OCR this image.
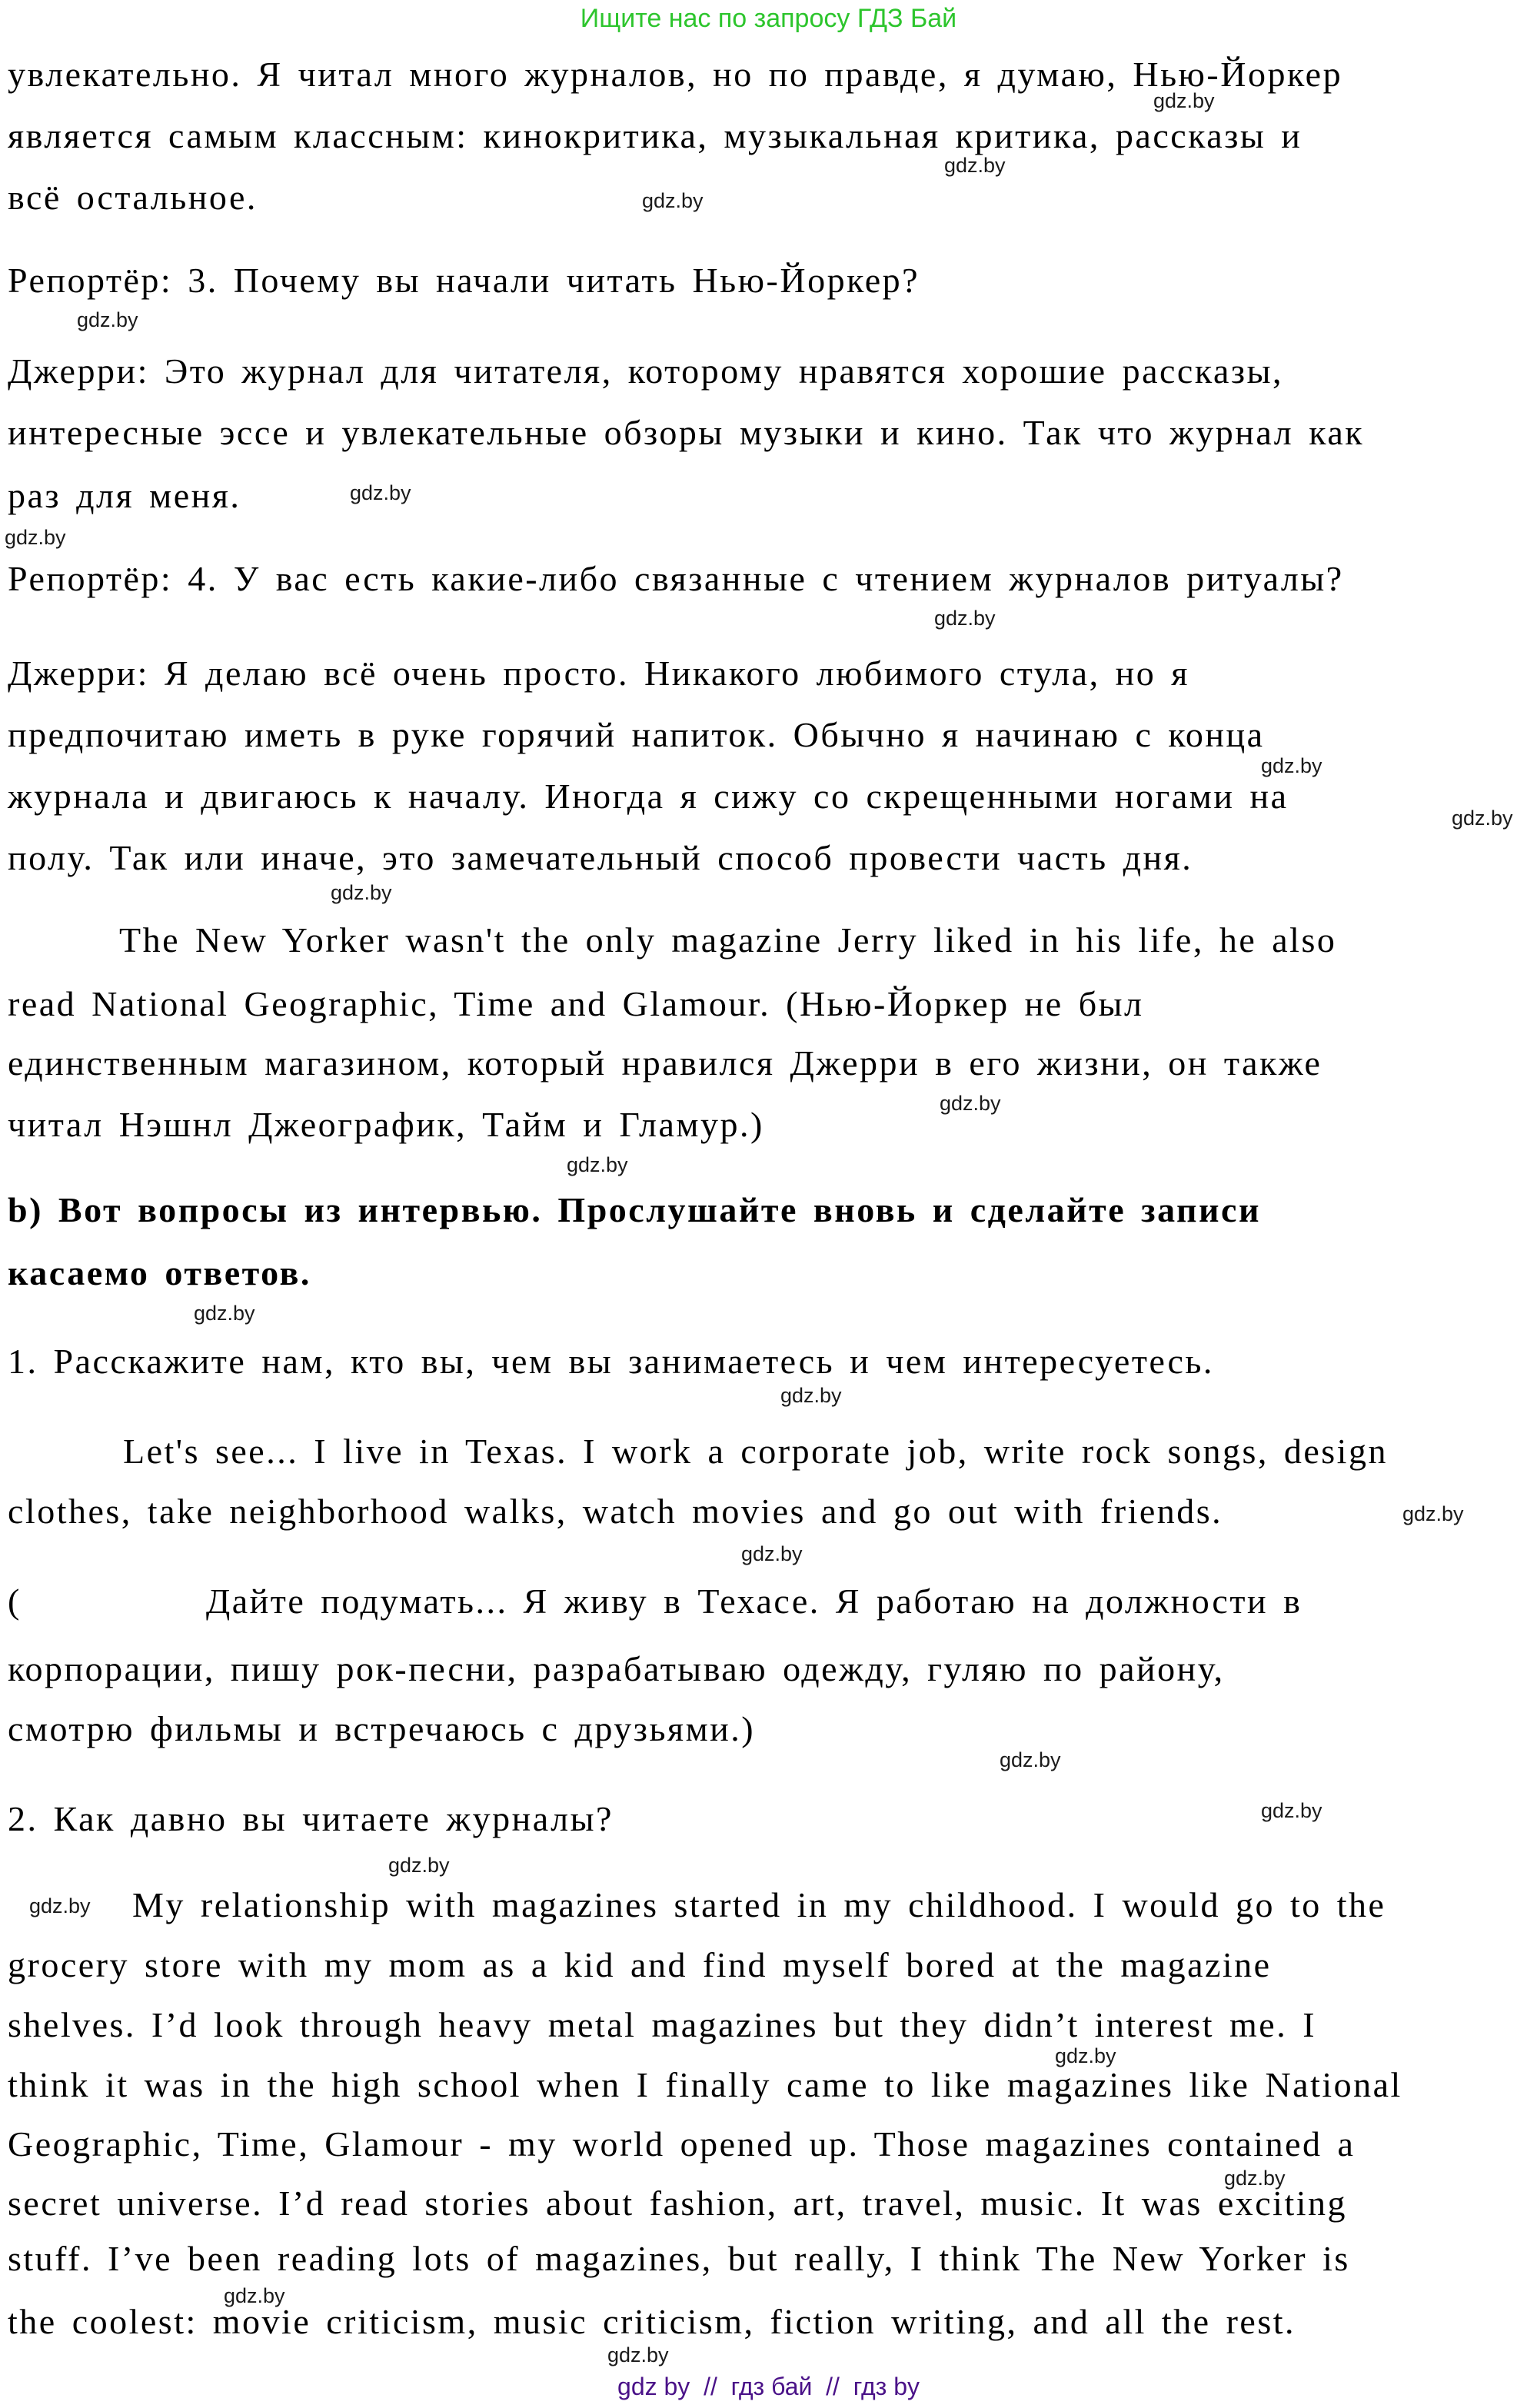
Ищите нас по запросу ГДЗ Бай
gdz by  //  гдз бай  //  гдз by
увлекательно. Я читал много журналов, но по правде, я думаю, Нью-Йоркер
является самым классным: кинокритика, музыкальная критика, рассказы и
всё остальное.
Репортёр: 3. Почему вы начали читать Нью-Йоркер?
Джерри: Это журнал для читателя, которому нравятся хорошие рассказы,
интересные эссе и увлекательные обзоры музыки и кино. Так что журнал как
раз для меня.
Репортёр: 4. У вас есть какие-либо связанные с чтением журналов ритуалы?
Джерри: Я делаю всё очень просто. Никакого любимого стула, но я
предпочитаю иметь в руке горячий напиток. Обычно я начинаю с конца
журнала и двигаюсь к началу. Иногда я сижу со скрещенными ногами на
полу. Так или иначе, это замечательный способ провести часть дня.
The New Yorker wasn't the only magazine Jerry liked in his life, he also
read National Geographic, Time and Glamour. (Нью-Йоркер не был
единственным магазином, который нравился Джерри в его жизни, он также
читал Нэшнл Джеографик, Тайм и Гламур.)
b) Вот вопросы из интервью. Прослушайте вновь и сделайте записи
касаемо ответов.
1. Расскажите нам, кто вы, чем вы занимаетесь и чем интересуетесь.
Let's see... I live in Texas. I work a corporate job, write rock songs, design
clothes, take neighborhood walks, watch movies and go out with friends.
(            Дайте подумать... Я живу в Техасе. Я работаю на должности в
корпорации, пишу рок-песни, разрабатываю одежду, гуляю по району,
смотрю фильмы и встречаюсь с друзьями.)
2. Как давно вы читаете журналы?
My relationship with magazines started in my childhood. I would go to the
grocery store with my mom as a kid and find myself bored at the magazine
shelves. I’d look through heavy metal magazines but they didn’t interest me. I
think it was in the high school when I finally came to like magazines like National
Geographic, Time, Glamour - my world opened up. Those magazines contained a
secret universe. I’d read stories about fashion, art, travel, music. It was exciting
stuff. I’ve been reading lots of magazines, but really, I think The New Yorker is
the coolest: movie criticism, music criticism, fiction writing, and all the rest.
gdz.by
gdz.by
gdz.by
gdz.by
gdz.by
gdz.by
gdz.by
gdz.by
gdz.by
gdz.by
gdz.by
gdz.by
gdz.by
gdz.by
gdz.by
gdz.by
gdz.by
gdz.by
gdz.by
gdz.by
gdz.by
gdz.by
gdz.by
gdz.by
